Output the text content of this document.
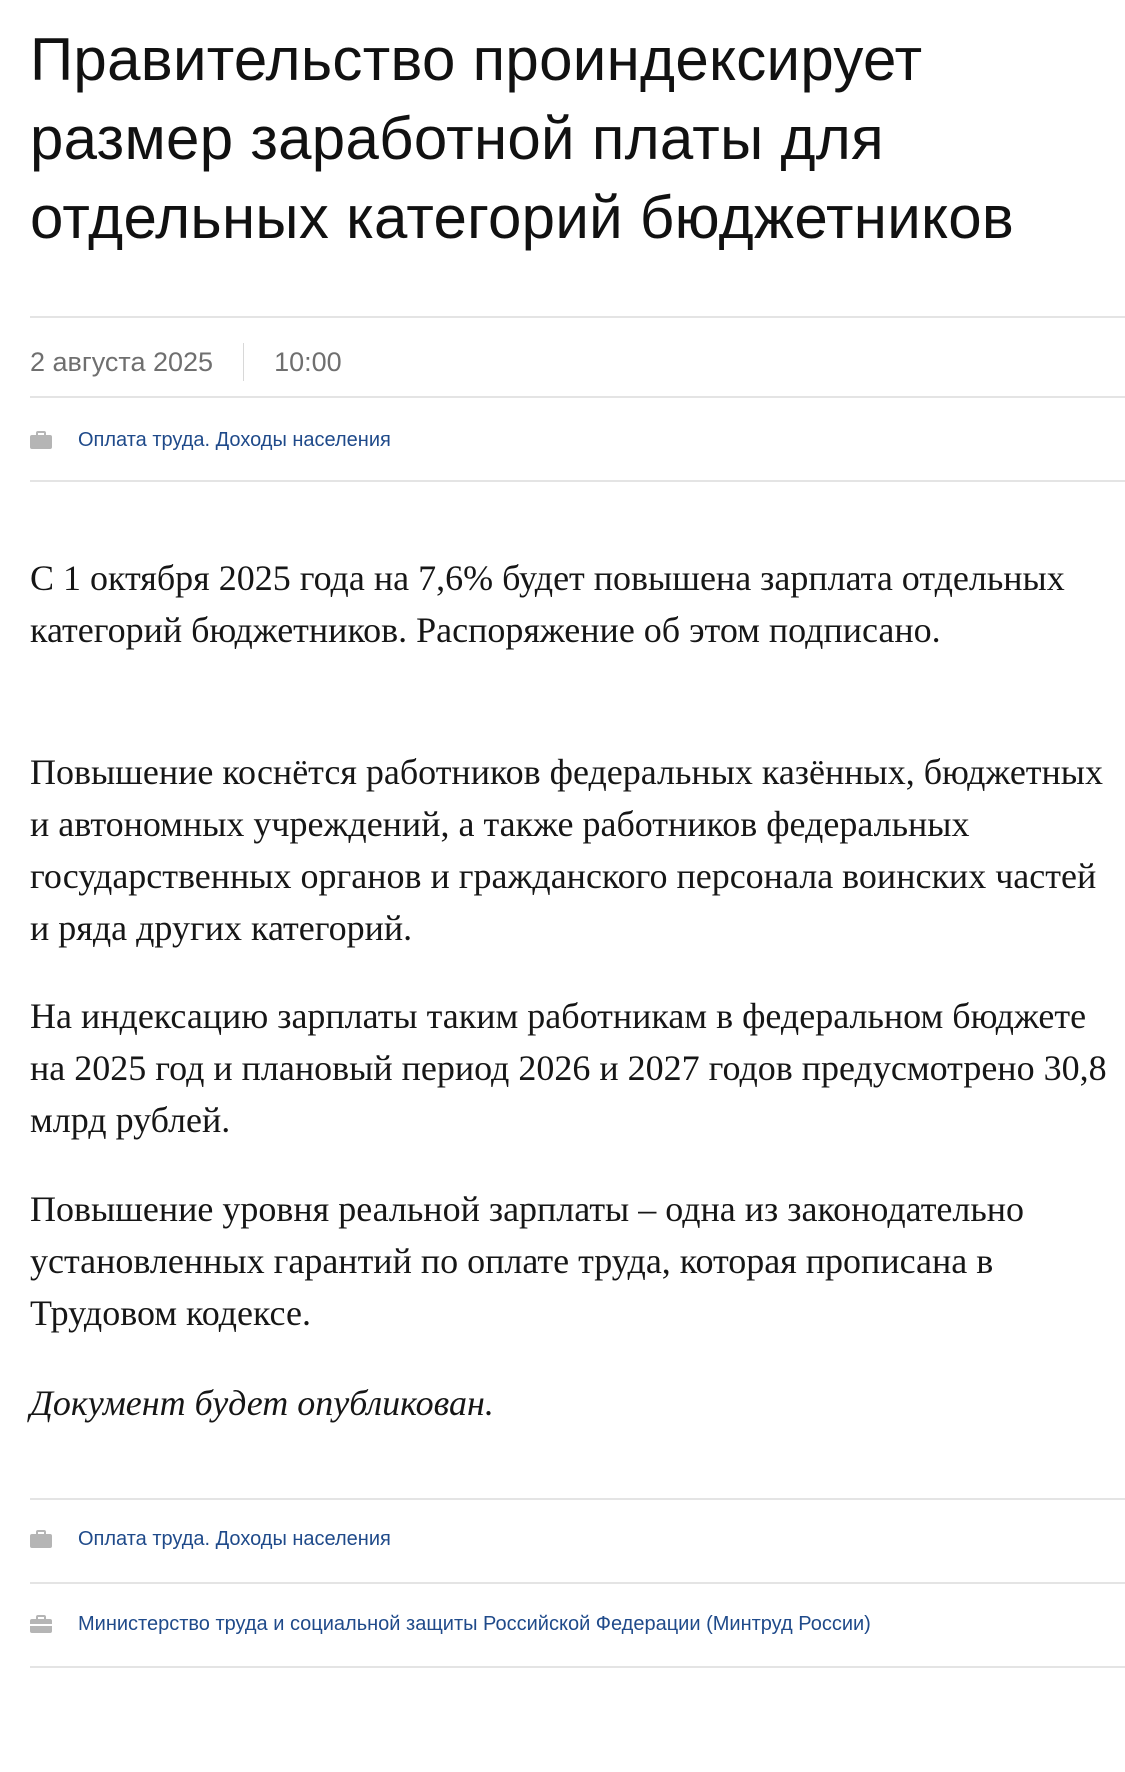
Правительство проиндексирует размер заработной платы для отдельных категорий бюджетников
2 августа 2025	10:00
Оплата труда. Доходы населения

С 1 октября 2025 года на 7,6% будет повышена зарплата отдельных категорий бюджетников. Распоряжение об этом подписано.

Повышение коснётся работников федеральных казённых, бюджетных и автономных учреждений, а также работников федеральных государственных органов и гражданского персонала воинских частей и ряда других категорий.

На индексацию зарплаты таким работникам в федеральном бюджете на 2025 год и плановый период 2026 и 2027 годов предусмотрено 30,8 млрд рублей.

Повышение уровня реальной зарплаты – одна из законодательно установленных гарантий по оплате труда, которая прописана в Трудовом кодексе.

Документ будет опубликован.

Оплата труда. Доходы населения
Министерство труда и социальной защиты Российской Федерации (Минтруд России)
